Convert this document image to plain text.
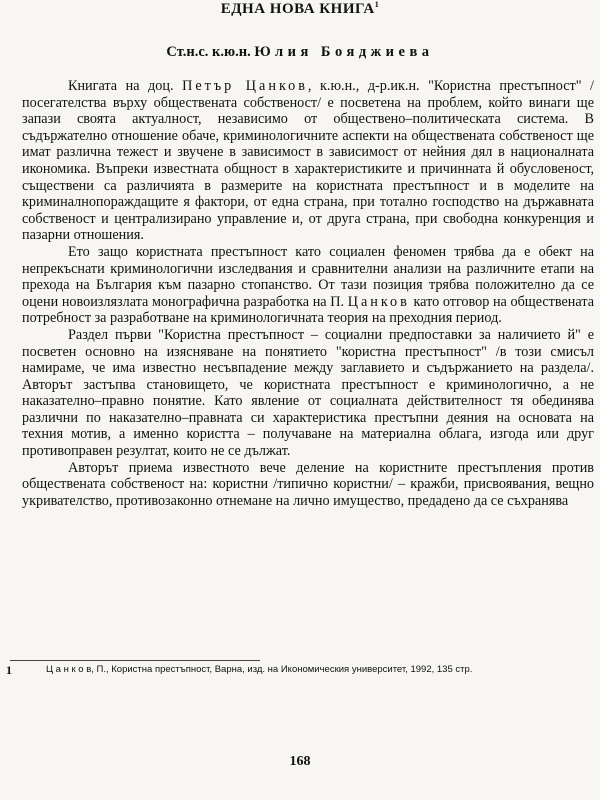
ЕДНА НОВА КНИГА$^1$
Ст.н.с. к.ю.н. Юлия Бояджиева

Книгата на доц. Петър Цанков, к.ю.н., д-р.ик.н. "Користна престъпност" /посегателства върху обществената собственост/ е посветена на проблем, който винаги ще запази своята актуалност, независимо от обществено–политическата система. В съдържателно отношение обаче, криминологичните аспекти на обществената собственост ще имат различна тежест и звучене в зависимост в зависимост от нейния дял в националната икономика. Въпреки известната общност в характеристиките и причинната й обусловеност, съществени са различията в размерите на користната престъпност и в моделите на криминалнопораждащите я фактори, от една страна, при тотално господство на държавната собственост и централизирано управление и, от друга страна, при свободна конкуренция и пазарни отношения.

Ето защо користната престъпност като социален феномен трябва да е обект на непрекъснати криминологични изследвания и сравнителни анализи на различните етапи на прехода на България към пазарно стопанство. От тази позиция трябва положително да се оцени новоизлязлата монографична разработка на П. Цанков като отговор на обществената потребност за разработване на криминологичната теория на преходния период.

Раздел първи "Користна престъпност – социални предпоставки за наличието й" е посветен основно на изясняване на понятието "користна престъпност" /в този смисъл намираме, че има известно несъвпадение между заглавието и съдържанието на раздела/. Авторът застъпва становището, че користната престъпност е криминологично, а не наказателно–правно понятие. Като явление от социалната действителност тя обединява различни по наказателно–правната си характеристика престъпни деяния на основата на техния мотив, а именно користта – получаване на материална облага, изгода или друг противоправен резултат, които не се дължат.

Авторът приема известното вече деление на користните престъпления против обществената собственост на: користни /типично користни/ – кражби, присвоявания, вещно укривателство, противозаконно отнемане на лично имущество, предадено да се съхранява

1	Ц а н к о в, П., Користна престъпност, Варна, изд. на Икономическия университет, 1992, 135 стр.
168
